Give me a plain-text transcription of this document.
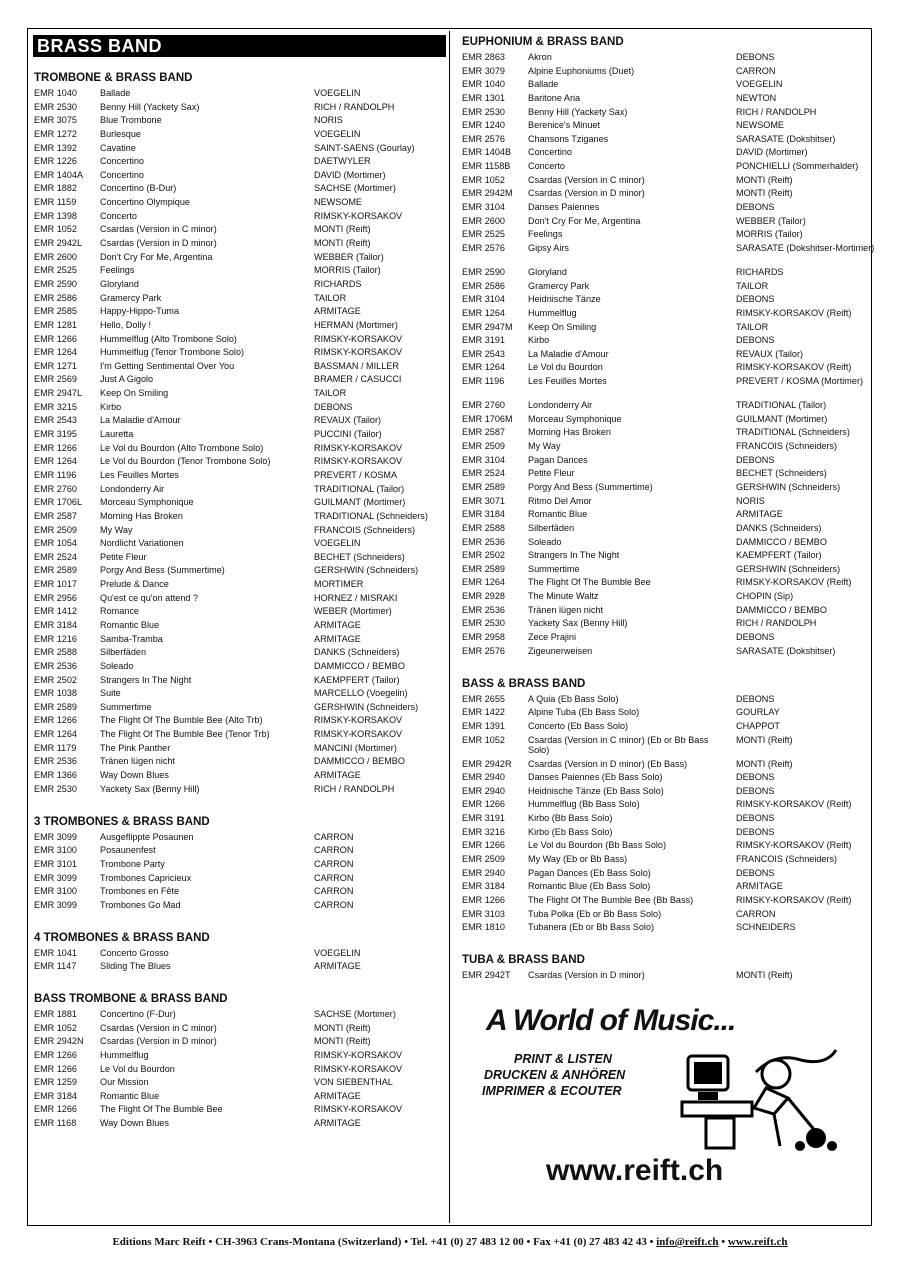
BRASS BAND
TROMBONE & BRASS BAND
EMR 1040	Ballade	VOEGELIN
EMR 2530	Benny Hill (Yackety Sax)	RICH / RANDOLPH
EMR 3075	Blue Trombone	NORIS
EMR 1272	Burlesque	VOEGELIN
EMR 1392	Cavatine	SAINT-SAENS (Gourlay)
EMR 1226	Concertino	DAETWYLER
EMR 1404A Concertino	DAVID (Mortimer)
EMR 1882	Concertino (B-Dur)	SACHSE (Mortimer)
EMR 1159	Concertino Olympique	NEWSOME
EMR 1398	Concerto	RIMSKY-KORSAKOV
EMR 1052	Csardas (Version in C minor)	MONTI (Reift)
EMR 2942L Csardas (Version in D minor)	MONTI (Reift)
EMR 2600	Don't Cry For Me, Argentina	WEBBER (Tailor)
EMR 2525	Feelings	MORRIS (Tailor)
EMR 2590	Gloryland	RICHARDS
EMR 2586	Gramercy Park	TAILOR
EMR 2585	Happy-Hippo-Tuma	ARMITAGE
EMR 1281	Hello, Dolly !	HERMAN (Mortimer)
EMR 1266	Hummelflug (Alto Trombone Solo)	RIMSKY-KORSAKOV
EMR 1264	Hummelflug (Tenor Trombone Solo)	RIMSKY-KORSAKOV
EMR 1271	I'm Getting Sentimental Over You	BASSMAN / MILLER
EMR 2569	Just A Gigolo	BRAMER / CASUCCI
EMR 2947L Keep On Smiling	TAILOR
EMR 3215	Kirbo	DEBONS
EMR 2543	La Maladie d'Amour	REVAUX (Tailor)
EMR 3195	Lauretta	PUCCINI (Tailor)
EMR 1266	Le Vol du Bourdon (Alto Trombone Solo)	RIMSKY-KORSAKOV
EMR 1264	Le Vol du Bourdon (Tenor Trombone Solo)	RIMSKY-KORSAKOV
EMR 1196	Les Feuilles Mortes	PREVERT / KOSMA
EMR 2760	Londonderry Air	TRADITIONAL (Tailor)
EMR 1706L Morceau Symphonique	GUILMANT (Mortimer)
EMR 2587	Morning Has Broken	TRADITIONAL (Schneiders)
EMR 2509	My Way	FRANCOIS (Schneiders)
EMR 1054	Nordlicht Variationen	VOEGELIN
EMR 2524	Petite Fleur	BECHET (Schneiders)
EMR 2589	Porgy And Bess (Summertime)	GERSHWIN (Schneiders)
EMR 1017	Prelude & Dance	MORTIMER
EMR 2956	Qu'est ce qu'on attend ?	HORNEZ / MISRAKI
EMR 1412	Romance	WEBER (Mortimer)
EMR 3184	Romantic Blue	ARMITAGE
EMR 1216	Samba-Tramba	ARMITAGE
EMR 2588	Silberfäden	DANKS (Schneiders)
EMR 2536	Soleado	DAMMICCO / BEMBO
EMR 2502	Strangers In The Night	KAEMPFERT (Tailor)
EMR 1038	Suite	MARCELLO (Voegelin)
EMR 2589	Summertime	GERSHWIN (Schneiders)
EMR 1266	The Flight Of The Bumble Bee (Alto Trb)	RIMSKY-KORSAKOV
EMR 1264	The Flight Of The Bumble Bee (Tenor Trb)	RIMSKY-KORSAKOV
EMR 1179	The Pink Panther	MANCINI (Mortimer)
EMR 2536	Tränen lügen nicht	DAMMICCO / BEMBO
EMR 1366	Way Down Blues	ARMITAGE
EMR 2530	Yackety Sax (Benny Hill)	RICH / RANDOLPH
3 TROMBONES & BRASS BAND
EMR 3099	Ausgeflippte Posaunen	CARRON
EMR 3100	Posaunenfest	CARRON
EMR 3101	Trombone Party	CARRON
EMR 3099	Trombones Capricieux	CARRON
EMR 3100	Trombones en Fête	CARRON
EMR 3099	Trombones Go Mad	CARRON
4 TROMBONES & BRASS BAND
EMR 1041	Concerto Grosso	VOEGELIN
EMR 1147	Sliding The Blues	ARMITAGE
BASS TROMBONE & BRASS BAND
EMR 1881	Concertino (F-Dur)	SACHSE (Mortimer)
EMR 1052	Csardas (Version in C minor)	MONTI (Reift)
EMR 2942N Csardas (Version in D minor)	MONTI (Reift)
EMR 1266	Hummelflug	RIMSKY-KORSAKOV
EMR 1266	Le Vol du Bourdon	RIMSKY-KORSAKOV
EMR 1259	Our Mission	VON SIEBENTHAL
EMR 3184	Romantic Blue	ARMITAGE
EMR 1266	The Flight Of The Bumble Bee	RIMSKY-KORSAKOV
EMR 1168	Way Down Blues	ARMITAGE
EUPHONIUM & BRASS BAND
EMR 2863	Akron	DEBONS
EMR 3079	Alpine Euphoniums (Duet)	CARRON
EMR 1040	Ballade	VOEGELIN
EMR 1301	Baritone Aria	NEWTON
EMR 2530	Benny Hill (Yackety Sax)	RICH / RANDOLPH
EMR 1240	Berenice's Minuet	NEWSOME
EMR 2576	Chansons Tziganes	SARASATE (Dokshitser)
EMR 1404B Concertino	DAVID (Mortimer)
EMR 1158B Concerto	PONCHIELLI (Sommerhalder)
EMR 1052	Csardas (Version in C minor)	MONTI (Reift)
EMR 2942M Csardas (Version in D minor)	MONTI (Reift)
EMR 3104	Danses Paiennes	DEBONS
EMR 2600	Don't Cry For Me, Argentina	WEBBER (Tailor)
EMR 2525	Feelings	MORRIS (Tailor)
EMR 2576	Gipsy Airs	SARASATE (Dokshitser-Mortimer)
EMR 2590	Gloryland	RICHARDS
EMR 2586	Gramercy Park	TAILOR
EMR 3104	Heidnische Tänze	DEBONS
EMR 1264	Hummelflug	RIMSKY-KORSAKOV (Reift)
EMR 2947M Keep On Smiling	TAILOR
EMR 3191	Kirbo	DEBONS
EMR 2543	La Maladie d'Amour	REVAUX (Tailor)
EMR 1264	Le Vol du Bourdon	RIMSKY-KORSAKOV (Reift)
EMR 1196	Les Feuilles Mortes	PREVERT / KOSMA (Mortimer)
EMR 2760	Londonderry Air	TRADITIONAL (Tailor)
EMR 1706M Morceau Symphonique	GUILMANT (Mortimer)
EMR 2587	Morning Has Broken	TRADITIONAL (Schneiders)
EMR 2509	My Way	FRANCOIS (Schneiders)
EMR 3104	Pagan Dances	DEBONS
EMR 2524	Petite Fleur	BECHET (Schneiders)
EMR 2589	Porgy And Bess (Summertime)	GERSHWIN (Schneiders)
EMR 3071	Ritmo Del Amor	NORIS
EMR 3184	Romantic Blue	ARMITAGE
EMR 2588	Silberfäden	DANKS (Schneiders)
EMR 2536	Soleado	DAMMICCO / BEMBO
EMR 2502	Strangers In The Night	KAEMPFERT (Tailor)
EMR 2589	Summertime	GERSHWIN (Schneiders)
EMR 1264	The Flight Of The Bumble Bee	RIMSKY-KORSAKOV (Reift)
EMR 2928	The Minute Waltz	CHOPIN (Sip)
EMR 2536	Tränen lügen nicht	DAMMICCO / BEMBO
EMR 2530	Yackety Sax (Benny Hill)	RICH / RANDOLPH
EMR 2958	Zece Prajini	DEBONS
EMR 2576	Zigeunerweisen	SARASATE (Dokshitser)
BASS & BRASS BAND
EMR 2655	A Quia (Eb Bass Solo)	DEBONS
EMR 1422	Alpine Tuba (Eb Bass Solo)	GOURLAY
EMR 1391	Concerto (Eb Bass Solo)	CHAPPOT
EMR 1052	Csardas (Version in C minor) (Eb or Bb Bass Solo)
MONTI (Reift)
EMR 2942R Csardas (Version in D minor) (Eb Bass)	MONTI (Reift)
EMR 2940	Danses Paiennes (Eb Bass Solo)	DEBONS
EMR 2940	Heidnische Tänze (Eb Bass Solo)	DEBONS
EMR 1266	Hummelflug (Bb Bass Solo)	RIMSKY-KORSAKOV (Reift)
EMR 3191	Kirbo (Bb Bass Solo)	DEBONS
EMR 3216	Kirbo (Eb Bass Solo)	DEBONS
EMR 1266	Le Vol du Bourdon (Bb Bass Solo)	RIMSKY-KORSAKOV (Reift)
EMR 2509	My Way (Eb or Bb Bass)	FRANCOIS (Schneiders)
EMR 2940	Pagan Dances (Eb Bass Solo)	DEBONS
EMR 3184	Romantic Blue (Eb Bass Solo)	ARMITAGE
EMR 1266	The Flight Of The Bumble Bee (Bb Bass)	RIMSKY-KORSAKOV (Reift)
EMR 3103	Tuba Polka (Eb or Bb Bass Solo)	CARRON
EMR 1810	Tubanera (Eb or Bb Bass Solo)	SCHNEIDERS
TUBA & BRASS BAND
EMR 2942T Csardas (Version in D minor)	MONTI (Reift)
A World of Music...
PRINT & LISTEN
DRUCKEN & ANHÖREN
IMPRIMER & ECOUTER
www.reift.ch
Editions Marc Reift • CH-3963 Crans-Montana (Switzerland) • Tel. +41 (0) 27 483 12 00 • Fax +41 (0) 27 483 42 43 • info@reift.ch • www.reift.ch
